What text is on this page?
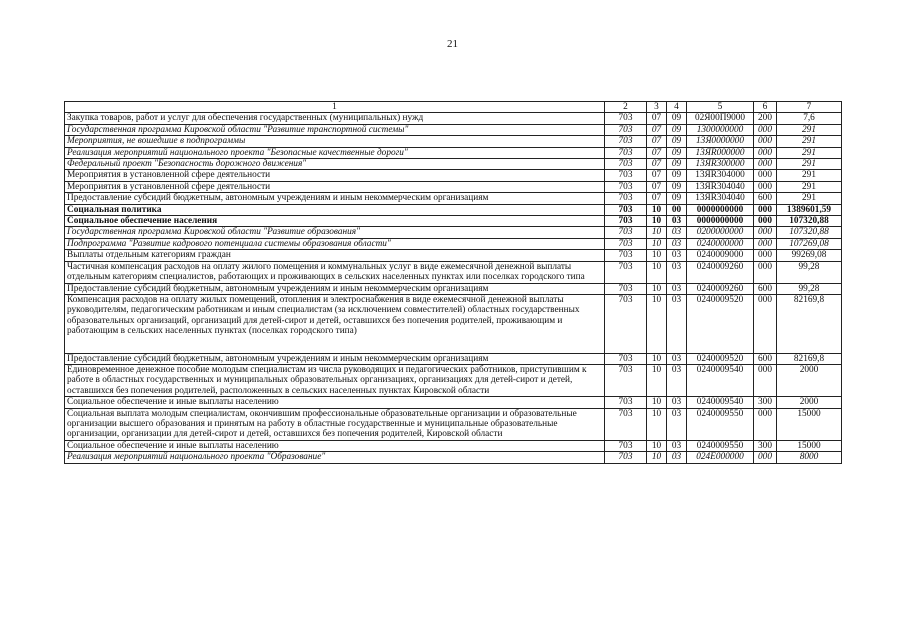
21
1	2	3	4	5	6	7
Закупка товаров, работ и услуг для обеспечения государственных (муниципальных) нужд	703	07	09	02Я00П9000	200	7,6
Государственная программа Кировской области "Развитие транспортной системы"	703	07	09	1300000000	000	291
Мероприятия, не вошедшие в подпрограммы	703	07	09	13Я0000000	000	291
Реализация мероприятий национального проекта "Безопасные качественные дороги"	703	07	09	13ЯR000000	000	291
Федеральный проект "Безопасность дорожного движения"	703	07	09	13ЯR300000	000	291
Мероприятия в установленной сфере деятельности	703	07	09	13ЯR304000	000	291
Мероприятия в установленной сфере деятельности	703	07	09	13ЯR304040	000	291
Предоставление субсидий бюджетным, автономным учреждениям и иным некоммерческим организациям	703	07	09	13ЯR304040	600	291
Социальная политика	703	10	00	0000000000	000	1389601,59
Социальное обеспечение населения	703	10	03	0000000000	000	107320,88
Государственная программа Кировской области "Развитие образования"	703	10	03	0200000000	000	107320,88
Подпрограмма "Развитие кадрового потенциала системы образования области"	703	10	03	0240000000	000	107269,08
Выплаты отдельным категориям граждан	703	10	03	0240009000	000	99269,08
Частичная компенсация расходов на оплату жилого помещения и коммунальных услуг в виде ежемесячной денежной выплаты отдельным категориям специалистов, работающих и проживающих в сельских населенных пунктах или поселках городского типа	703	10	03	0240009260	000	99,28
Предоставление субсидий бюджетным, автономным учреждениям и иным некоммерческим организациям	703	10	03	0240009260	600	99,28
Компенсация расходов на оплату жилых помещений, отопления и электроснабжения в виде ежемесячной денежной выплаты руководителям, педагогическим работникам и иным специалистам (за исключением совместителей) областных государственных образовательных организаций, организаций для детей-сирот и детей, оставшихся без попечения родителей, проживающим и работающим в сельских населенных пунктах (поселках городского типа)	703	10	03	0240009520	000	82169,8
Предоставление субсидий бюджетным, автономным учреждениям и иным некоммерческим организациям	703	10	03	0240009520	600	82169,8
Единовременное денежное пособие молодым специалистам из числа руководящих и педагогических работников, приступившим к работе в областных государственных и муниципальных образовательных организациях, организациях для детей-сирот и детей, оставшихся без попечения родителей, расположенных в сельских населенных пунктах Кировской области	703	10	03	0240009540	000	2000
Социальное обеспечение и иные выплаты населению	703	10	03	0240009540	300	2000
Социальная выплата молодым специалистам, окончившим профессиональные образовательные организации и образовательные организации высшего образования и принятым на работу в областные государственные и муниципальные образовательные организации, организации для детей-сирот и детей, оставшихся без попечения родителей, Кировской области	703	10	03	0240009550	000	15000
Социальное обеспечение и иные выплаты населению	703	10	03	0240009550	300	15000
Реализация мероприятий национального проекта "Образование"	703	10	03	024E000000	000	8000
